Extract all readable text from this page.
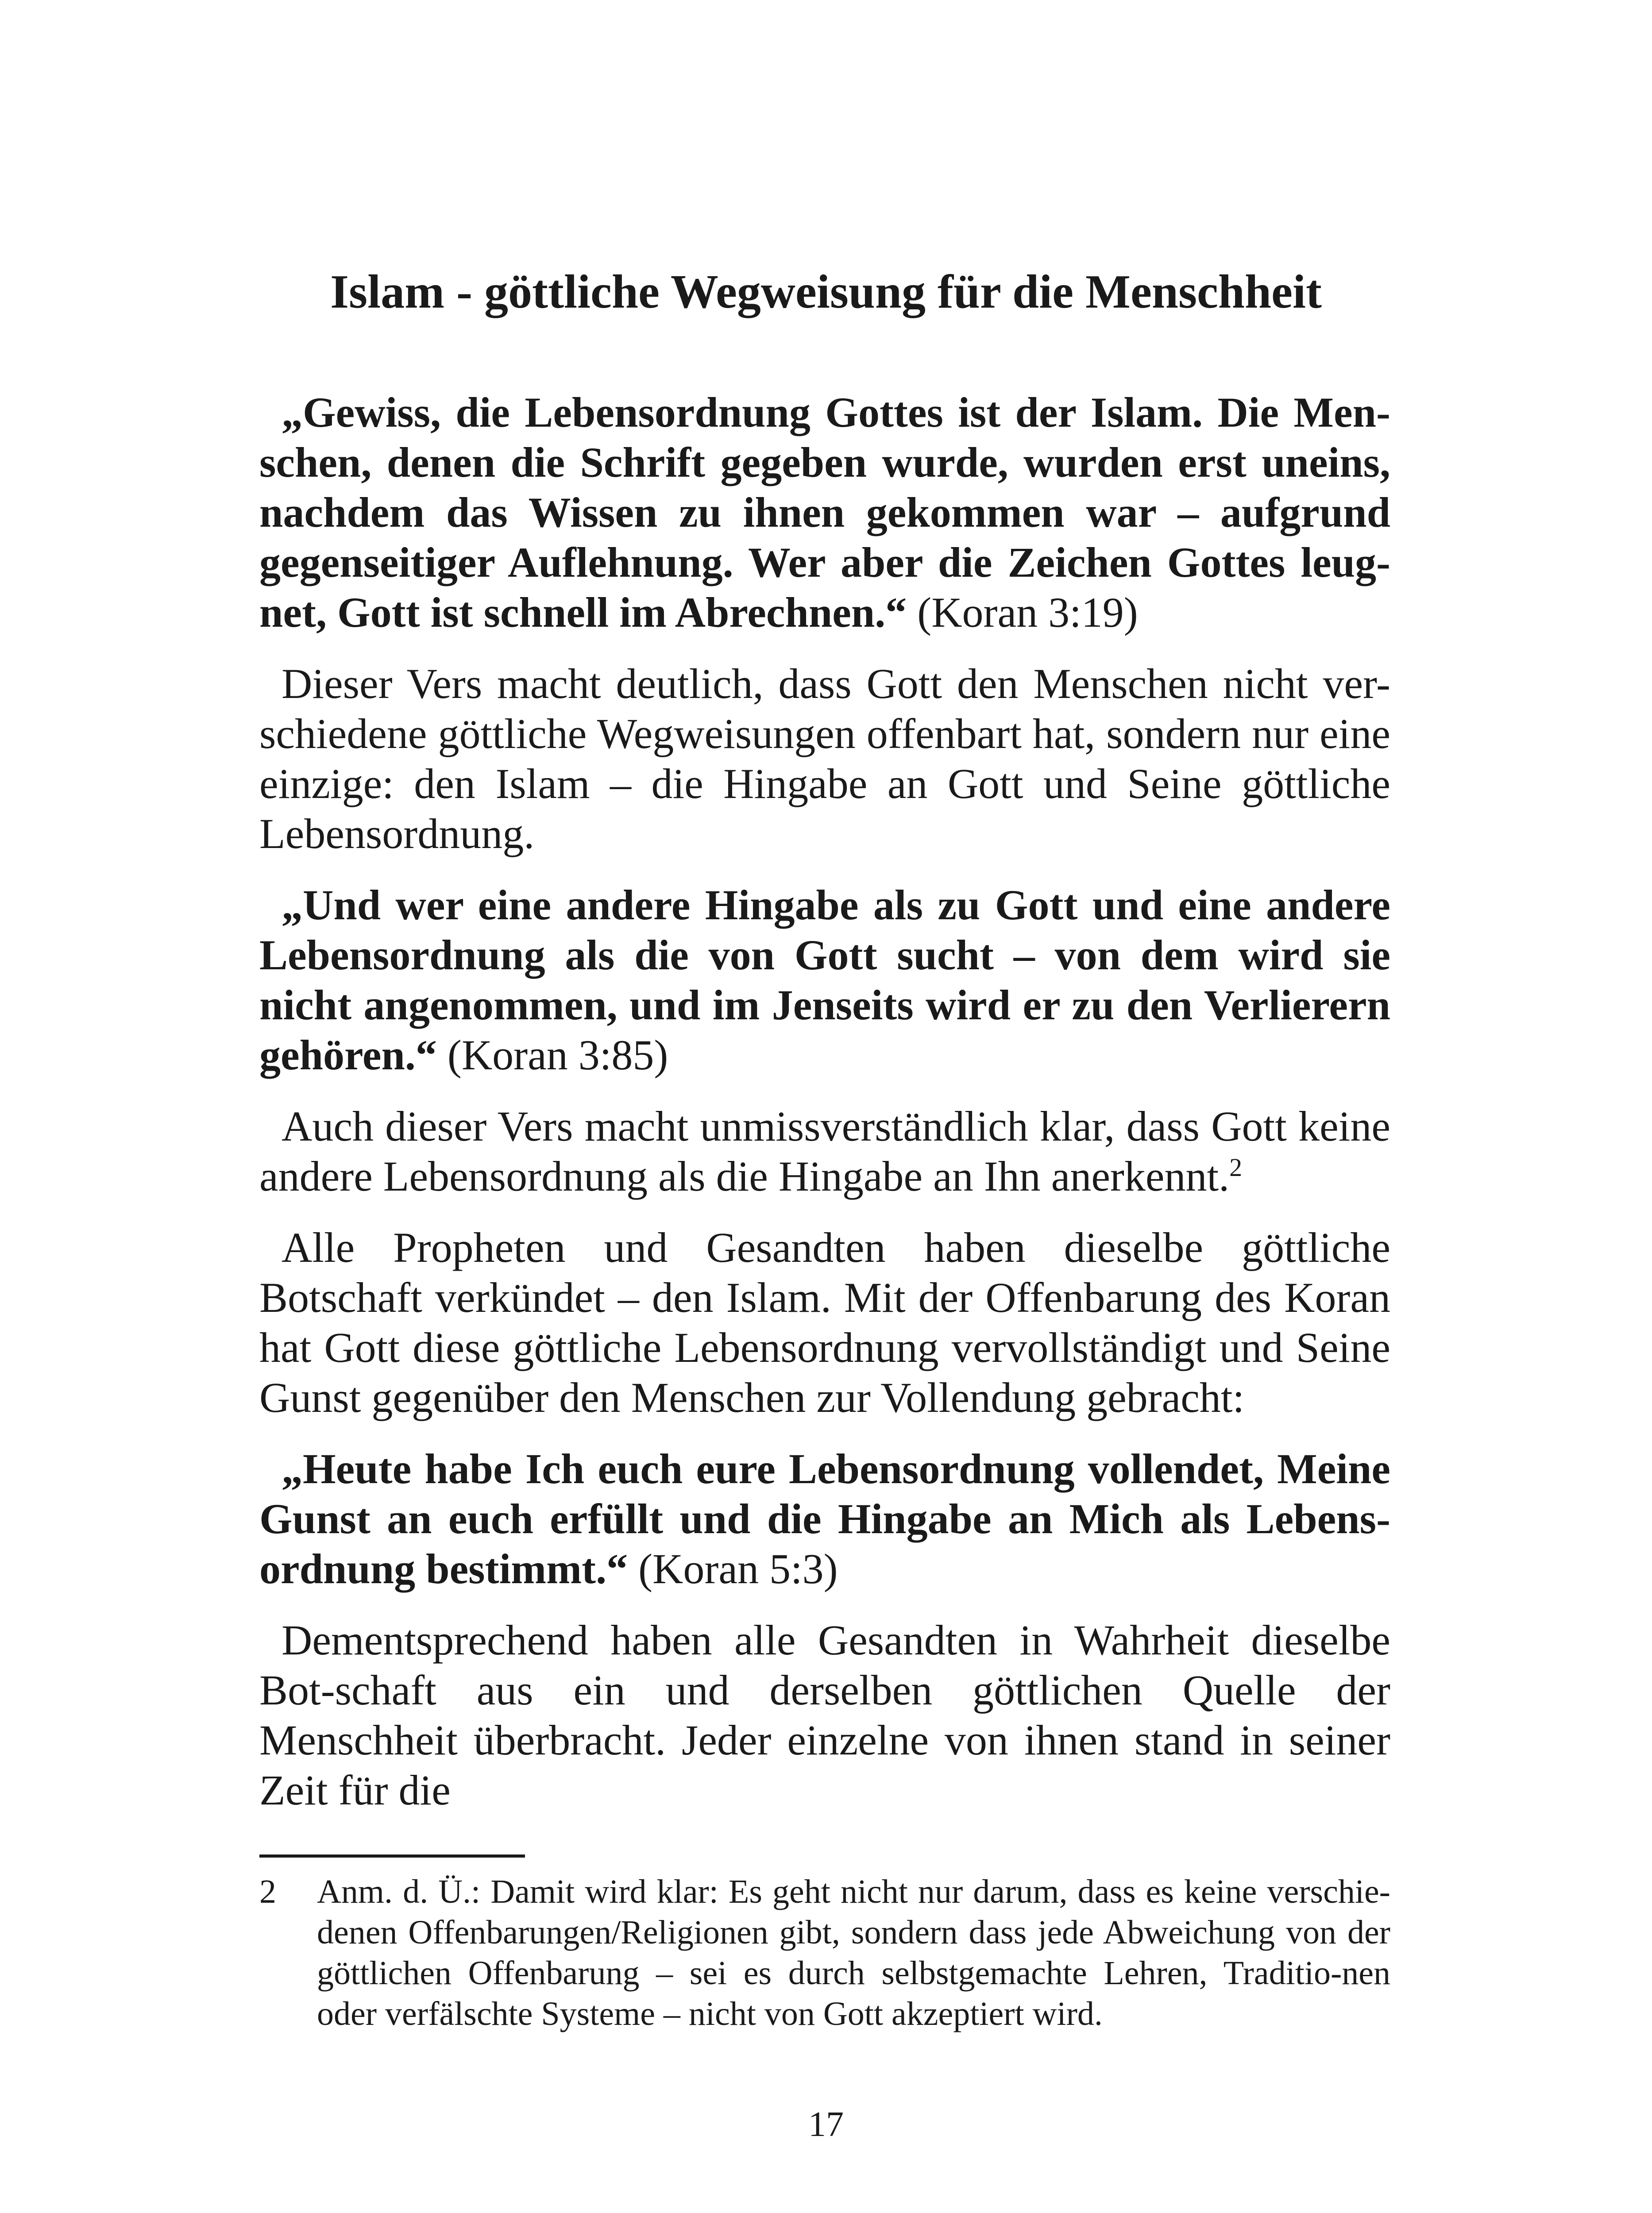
Islam - göttliche Wegweisung für die Menschheit

„Gewiss, die Lebensordnung Gottes ist der Islam. Die Men-schen, denen die Schrift gegeben wurde, wurden erst uneins, nachdem das Wissen zu ihnen gekommen war – aufgrund gegenseitiger Auflehnung. Wer aber die Zeichen Gottes leug-net, Gott ist schnell im Abrechnen.“ (Koran 3:19)

Dieser Vers macht deutlich, dass Gott den Menschen nicht ver-schiedene göttliche Wegweisungen offenbart hat, sondern nur eine einzige: den Islam – die Hingabe an Gott und Seine göttliche Lebensordnung.

„Und wer eine andere Hingabe als zu Gott und eine andere Lebensordnung als die von Gott sucht – von dem wird sie nicht angenommen, und im Jenseits wird er zu den Verlierern gehören.“ (Koran 3:85)

Auch dieser Vers macht unmissverständlich klar, dass Gott keine andere Lebensordnung als die Hingabe an Ihn anerkennt.$^2$

Alle Propheten und Gesandten haben dieselbe göttliche Botschaft verkündet – den Islam. Mit der Offenbarung des Koran hat Gott diese göttliche Lebensordnung vervollständigt und Seine Gunst gegenüber den Menschen zur Vollendung gebracht:

„Heute habe Ich euch eure Lebensordnung vollendet, Meine Gunst an euch erfüllt und die Hingabe an Mich als Lebens-ordnung bestimmt.“ (Koran 5:3)

Dementsprechend haben alle Gesandten in Wahrheit dieselbe Bot-schaft aus ein und derselben göttlichen Quelle der Menschheit überbracht. Jeder einzelne von ihnen stand in seiner Zeit für die

2	Anm. d. Ü.: Damit wird klar: Es geht nicht nur darum, dass es keine verschie-denen Offenbarungen/Religionen gibt, sondern dass jede Abweichung von der göttlichen Offenbarung – sei es durch selbstgemachte Lehren, Traditio-nen oder verfälschte Systeme – nicht von Gott akzeptiert wird.
17
